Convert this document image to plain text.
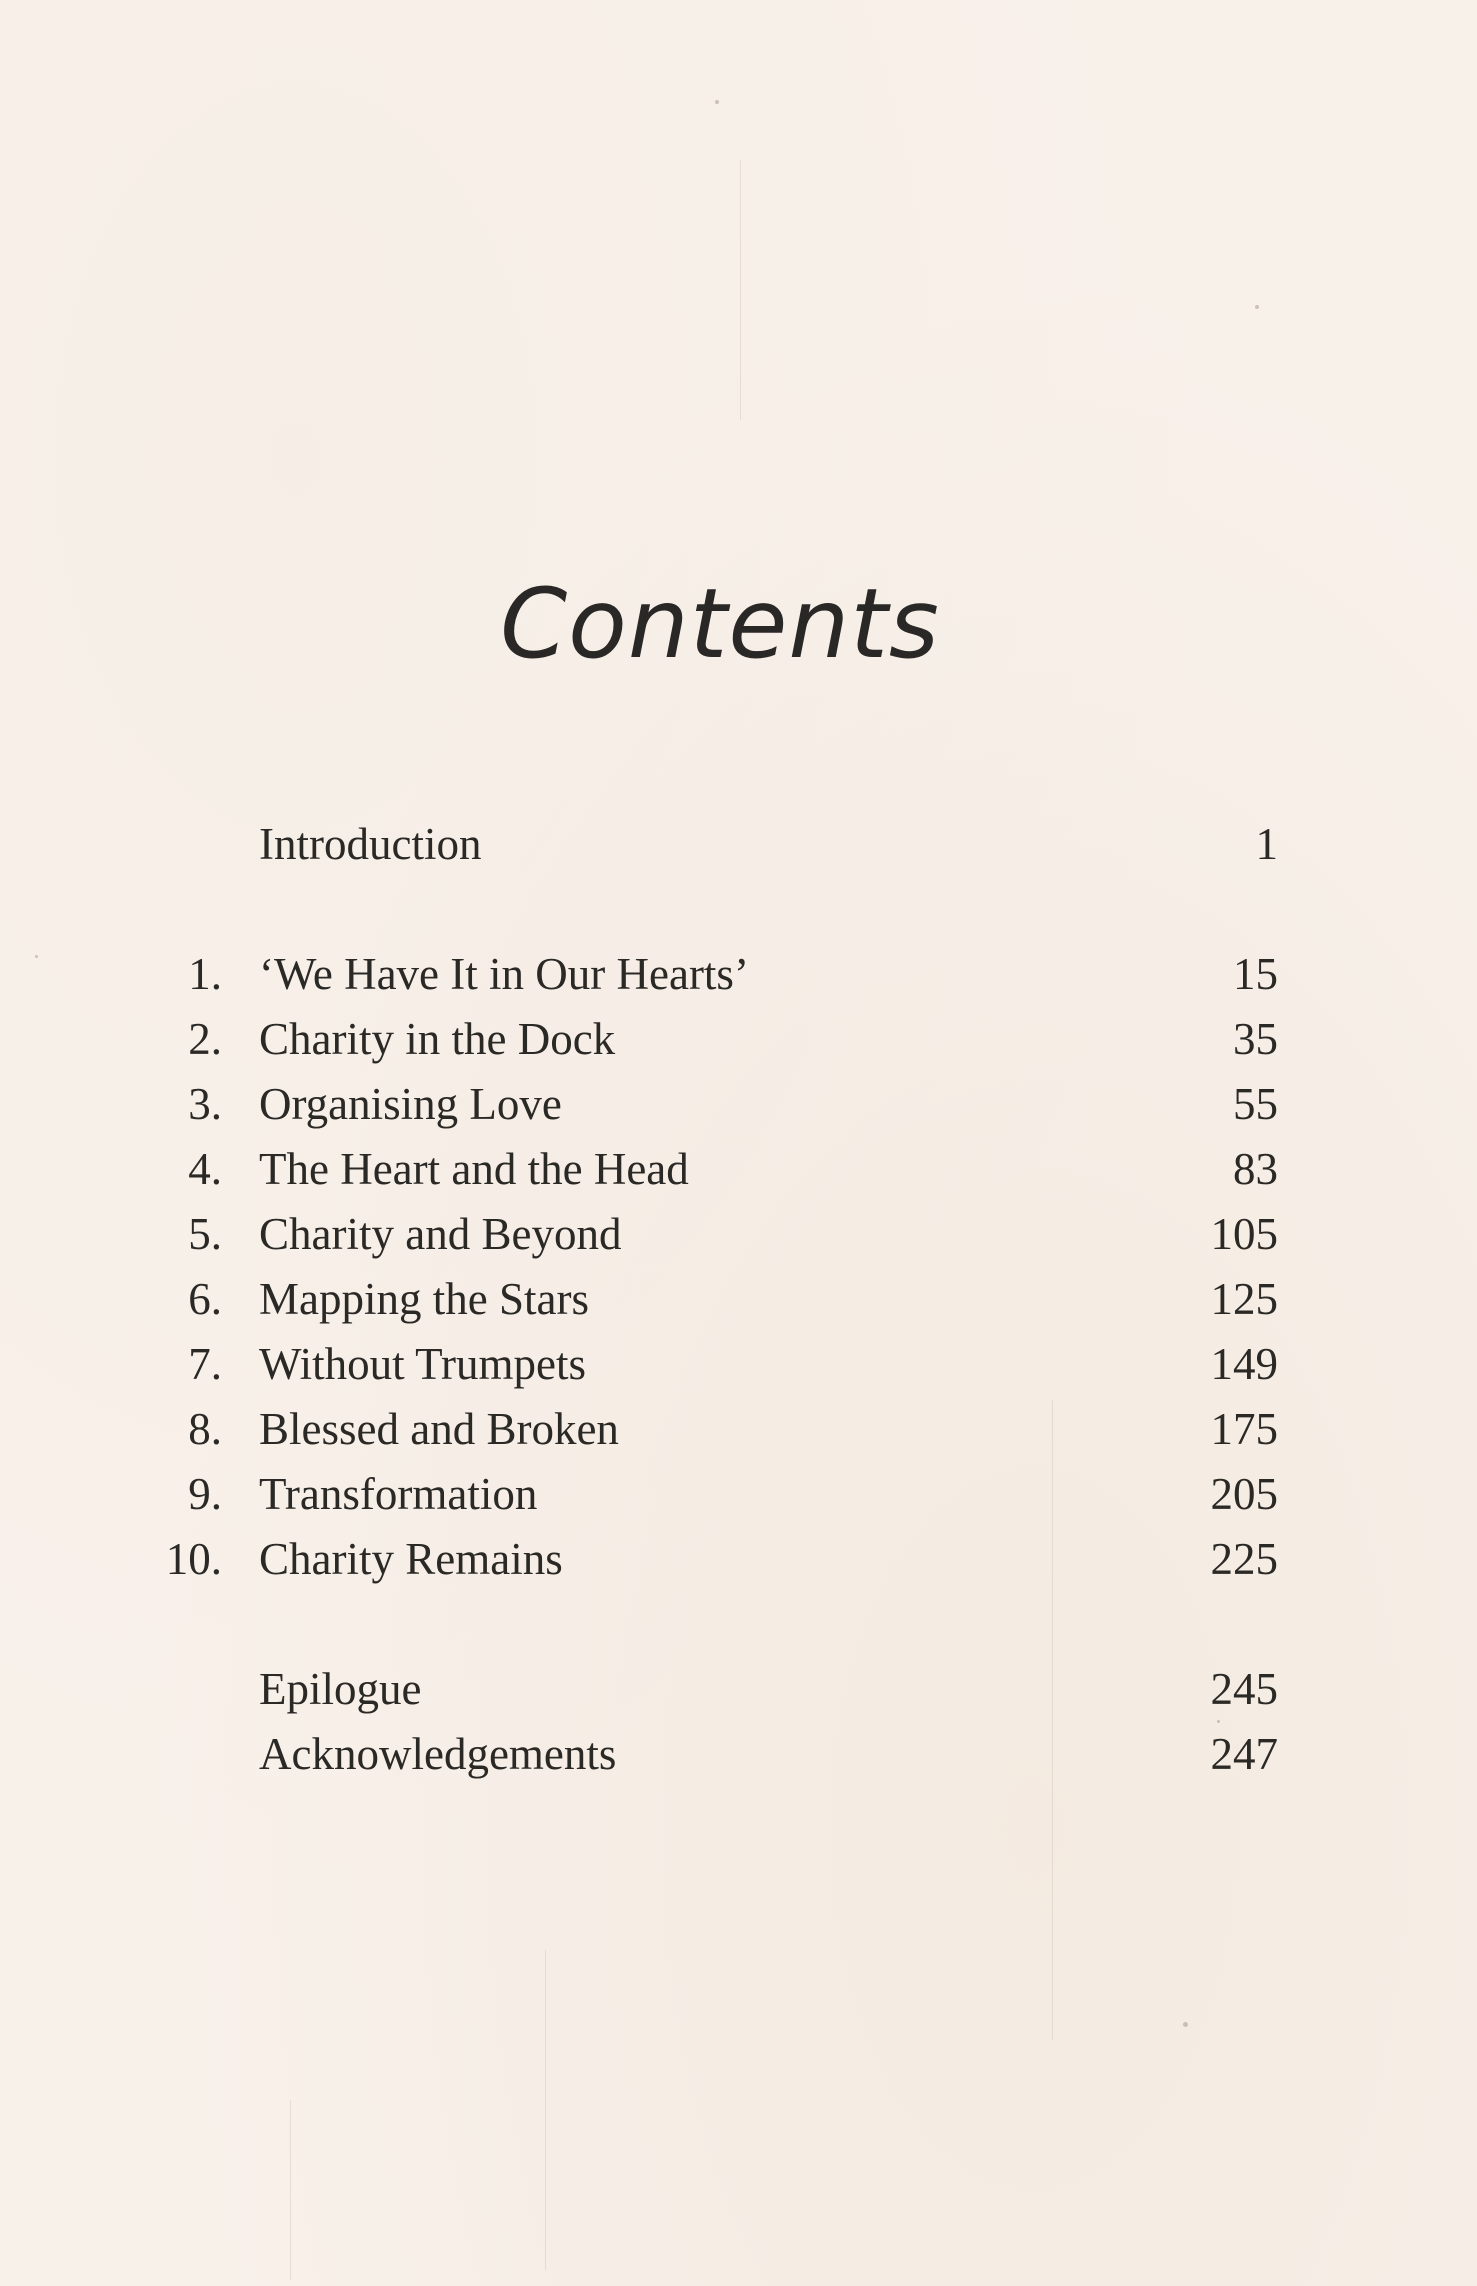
Contents
Introduction	1
1. ‘We Have It in Our Hearts’	15
2. Charity in the Dock	35
3. Organising Love	55
4. The Heart and the Head	83
5. Charity and Beyond	105
6. Mapping the Stars	125
7. Without Trumpets	149
8. Blessed and Broken	175
9. Transformation	205
10. Charity Remains	225
Epilogue	245
Acknowledgements	247
